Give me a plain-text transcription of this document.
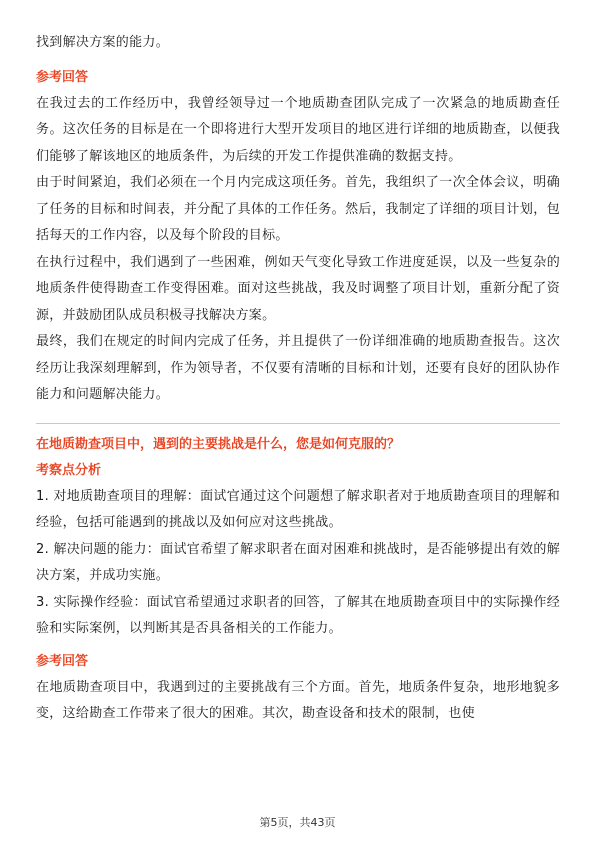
找到解决方案的能力。

参考回答

在我过去的工作经历中，我曾经领导过一个地质勘查团队完成了一次紧急的地质勘查任务。这次任务的目标是在一个即将进行大型开发项目的地区进行详细的地质勘查，以便我们能够了解该地区的地质条件，为后续的开发工作提供准确的数据支持。

由于时间紧迫，我们必须在一个月内完成这项任务。首先，我组织了一次全体会议，明确了任务的目标和时间表，并分配了具体的工作任务。然后，我制定了详细的项目计划，包括每天的工作内容，以及每个阶段的目标。

在执行过程中，我们遇到了一些困难，例如天气变化导致工作进度延误，以及一些复杂的地质条件使得勘查工作变得困难。面对这些挑战，我及时调整了项目计划，重新分配了资源，并鼓励团队成员积极寻找解决方案。

最终，我们在规定的时间内完成了任务，并且提供了一份详细准确的地质勘查报告。这次经历让我深刻理解到，作为领导者，不仅要有清晰的目标和计划，还要有良好的团队协作能力和问题解决能力。

在地质勘查项目中，遇到的主要挑战是什么，您是如何克服的？
考察点分析

1. 对地质勘查项目的理解：面试官通过这个问题想了解求职者对于地质勘查项目的理解和经验，包括可能遇到的挑战以及如何应对这些挑战。

2. 解决问题的能力：面试官希望了解求职者在面对困难和挑战时，是否能够提出有效的解决方案，并成功实施。

3. 实际操作经验：面试官希望通过求职者的回答，了解其在地质勘查项目中的实际操作经验和实际案例，以判断其是否具备相关的工作能力。

参考回答

在地质勘查项目中，我遇到过的主要挑战有三个方面。首先，地质条件复杂，地形地貌多变，这给勘查工作带来了很大的困难。其次，勘查设备和技术的限制，也使

第5页，共43页
